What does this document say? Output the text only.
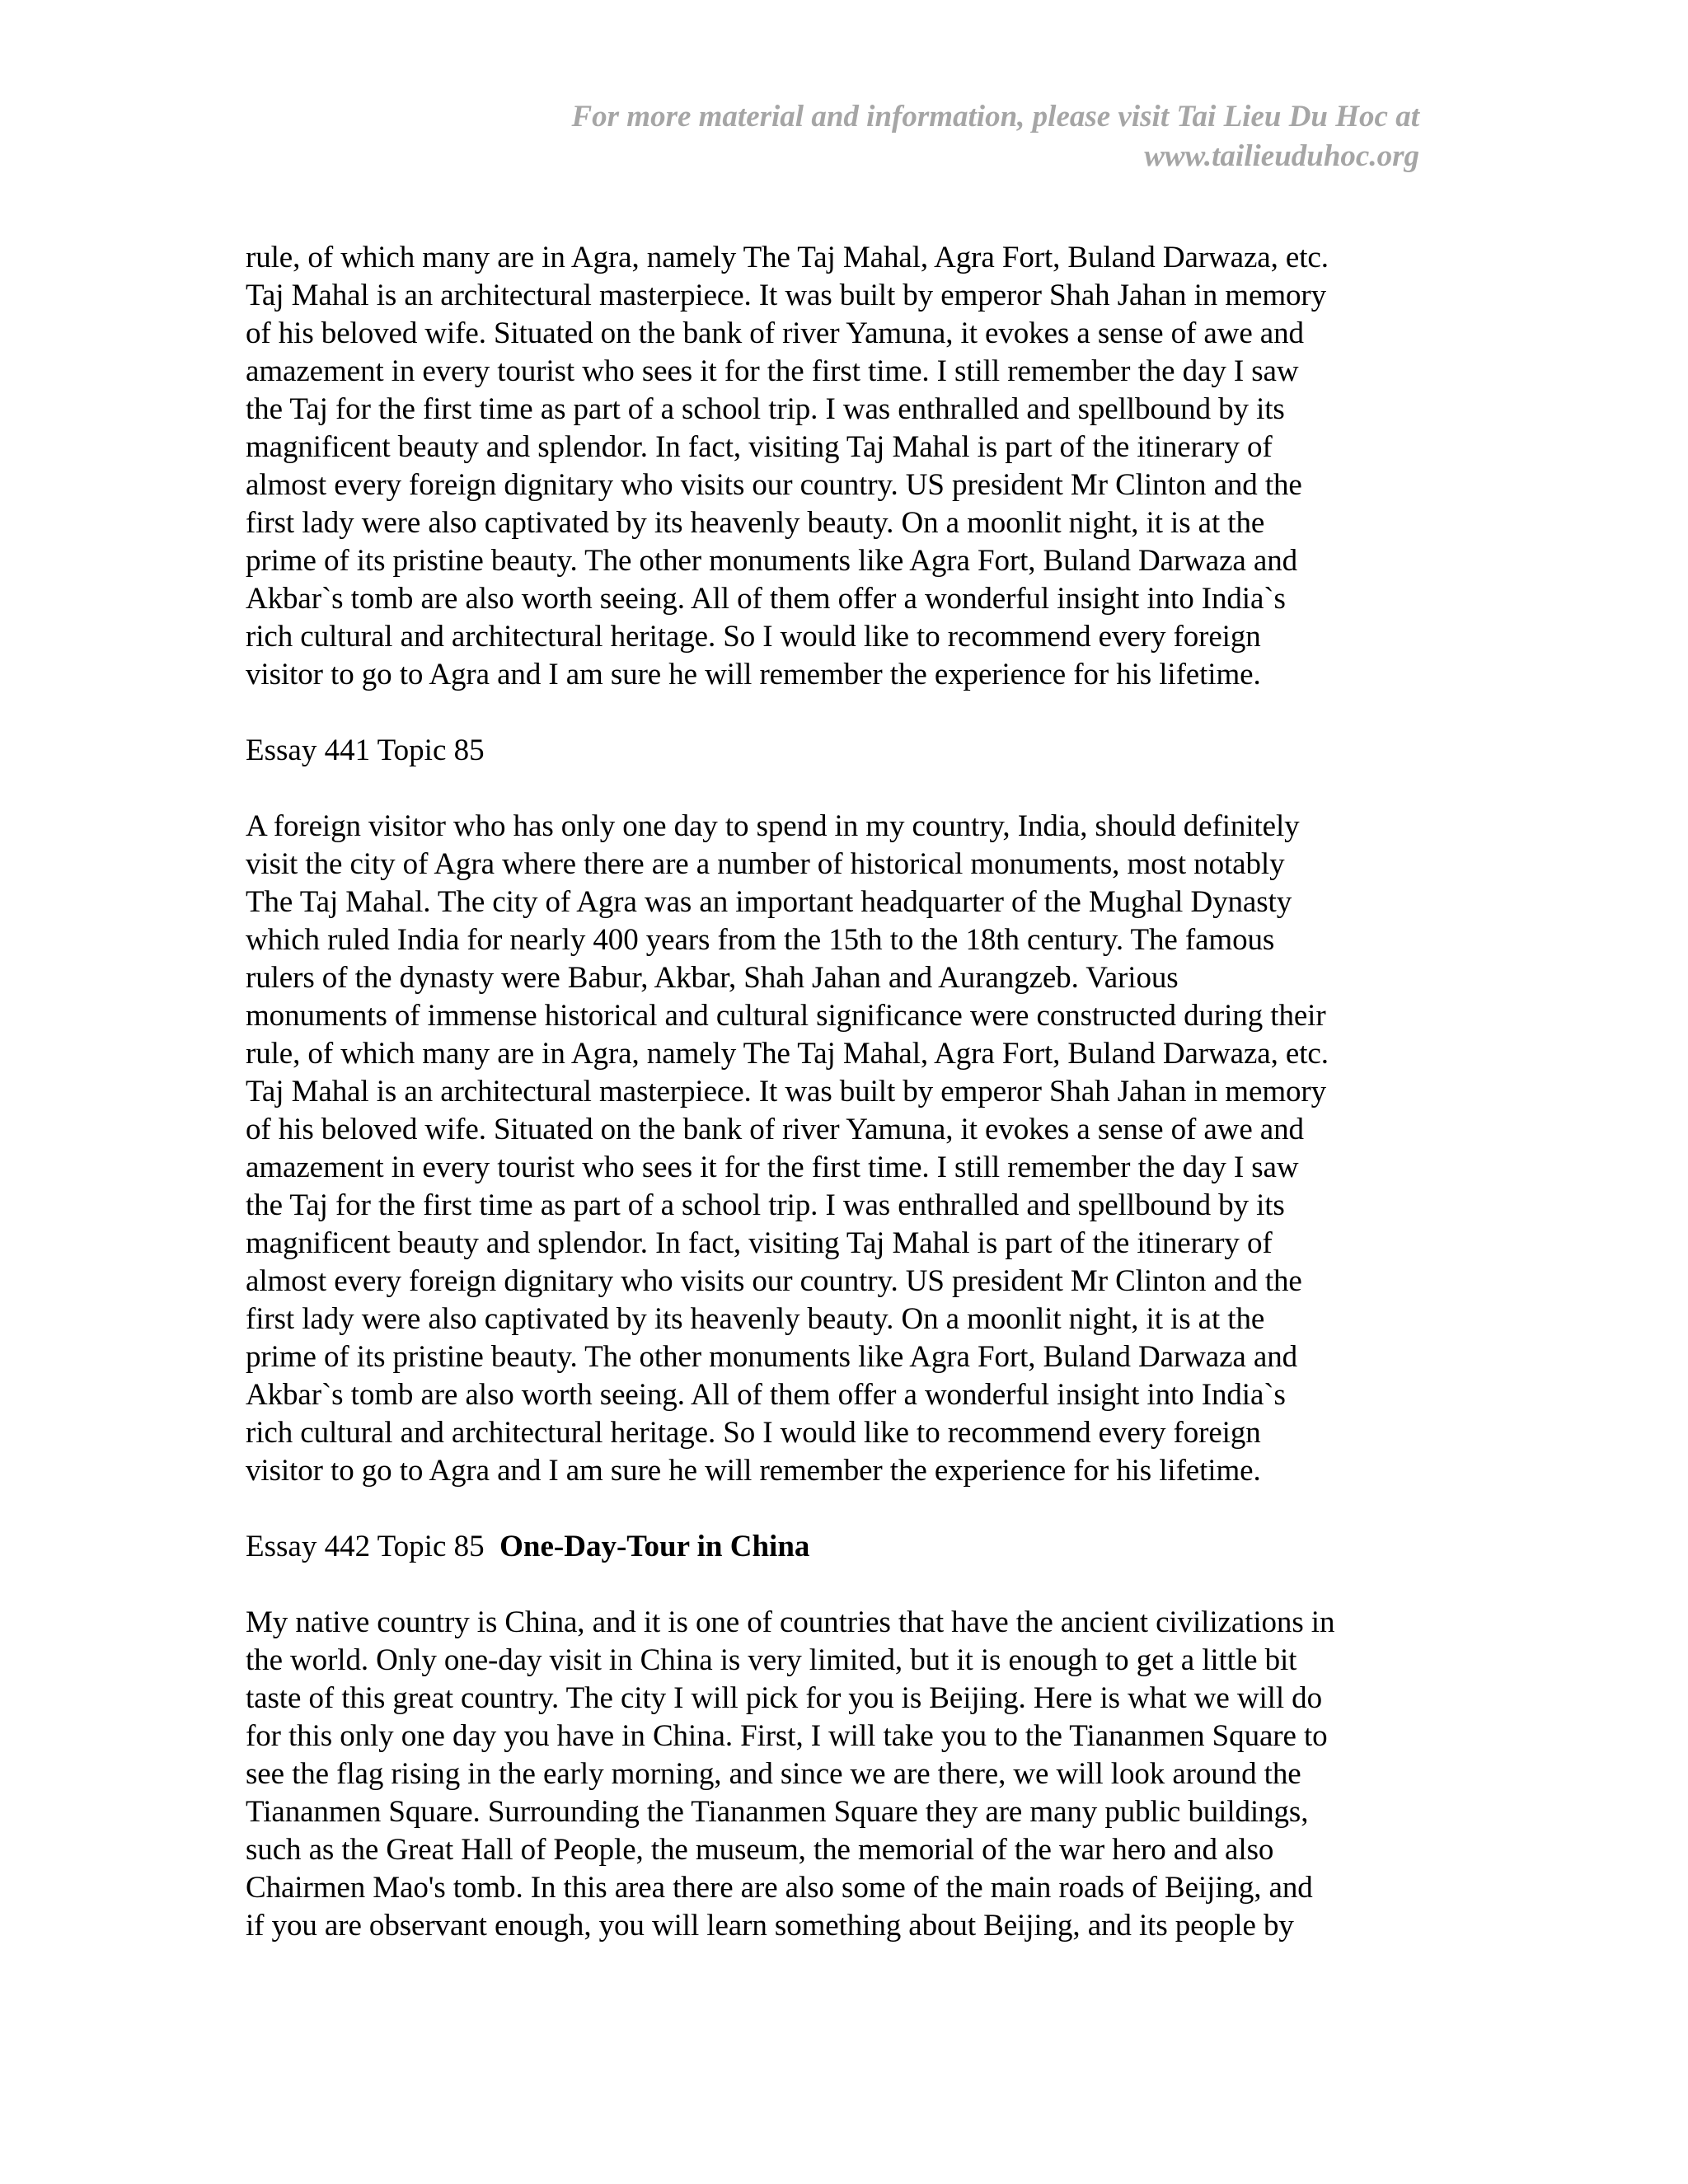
For more material and information, please visit Tai Lieu Du Hoc at
www.tailieuduhoc.org

rule, of which many are in Agra, namely The Taj Mahal, Agra Fort, Buland Darwaza, etc.
Taj Mahal is an architectural masterpiece. It was built by emperor Shah Jahan in memory
of his beloved wife. Situated on the bank of river Yamuna, it evokes a sense of awe and
amazement in every tourist who sees it for the first time. I still remember the day I saw
the Taj for the first time as part of a school trip. I was enthralled and spellbound by its
magnificent beauty and splendor. In fact, visiting Taj Mahal is part of the itinerary of
almost every foreign dignitary who visits our country. US president Mr Clinton and the
first lady were also captivated by its heavenly beauty. On a moonlit night, it is at the
prime of its pristine beauty. The other monuments like Agra Fort, Buland Darwaza and
Akbar`s tomb are also worth seeing. All of them offer a wonderful insight into India`s
rich cultural and architectural heritage. So I would like to recommend every foreign
visitor to go to Agra and I am sure he will remember the experience for his lifetime.

Essay 441 Topic 85

A foreign visitor who has only one day to spend in my country, India, should definitely
visit the city of Agra where there are a number of historical monuments, most notably
The Taj Mahal. The city of Agra was an important headquarter of the Mughal Dynasty
which ruled India for nearly 400 years from the 15th to the 18th century. The famous
rulers of the dynasty were Babur, Akbar, Shah Jahan and Aurangzeb. Various
monuments of immense historical and cultural significance were constructed during their
rule, of which many are in Agra, namely The Taj Mahal, Agra Fort, Buland Darwaza, etc.
Taj Mahal is an architectural masterpiece. It was built by emperor Shah Jahan in memory
of his beloved wife. Situated on the bank of river Yamuna, it evokes a sense of awe and
amazement in every tourist who sees it for the first time. I still remember the day I saw
the Taj for the first time as part of a school trip. I was enthralled and spellbound by its
magnificent beauty and splendor. In fact, visiting Taj Mahal is part of the itinerary of
almost every foreign dignitary who visits our country. US president Mr Clinton and the
first lady were also captivated by its heavenly beauty. On a moonlit night, it is at the
prime of its pristine beauty. The other monuments like Agra Fort, Buland Darwaza and
Akbar`s tomb are also worth seeing. All of them offer a wonderful insight into India`s
rich cultural and architectural heritage. So I would like to recommend every foreign
visitor to go to Agra and I am sure he will remember the experience for his lifetime.

Essay 442 Topic 85 One-Day-Tour in China

My native country is China, and it is one of countries that have the ancient civilizations in
the world. Only one-day visit in China is very limited, but it is enough to get a little bit
taste of this great country. The city I will pick for you is Beijing. Here is what we will do
for this only one day you have in China. First, I will take you to the Tiananmen Square to
see the flag rising in the early morning, and since we are there, we will look around the
Tiananmen Square. Surrounding the Tiananmen Square they are many public buildings,
such as the Great Hall of People, the museum, the memorial of the war hero and also
Chairmen Mao's tomb. In this area there are also some of the main roads of Beijing, and
if you are observant enough, you will learn something about Beijing, and its people by
